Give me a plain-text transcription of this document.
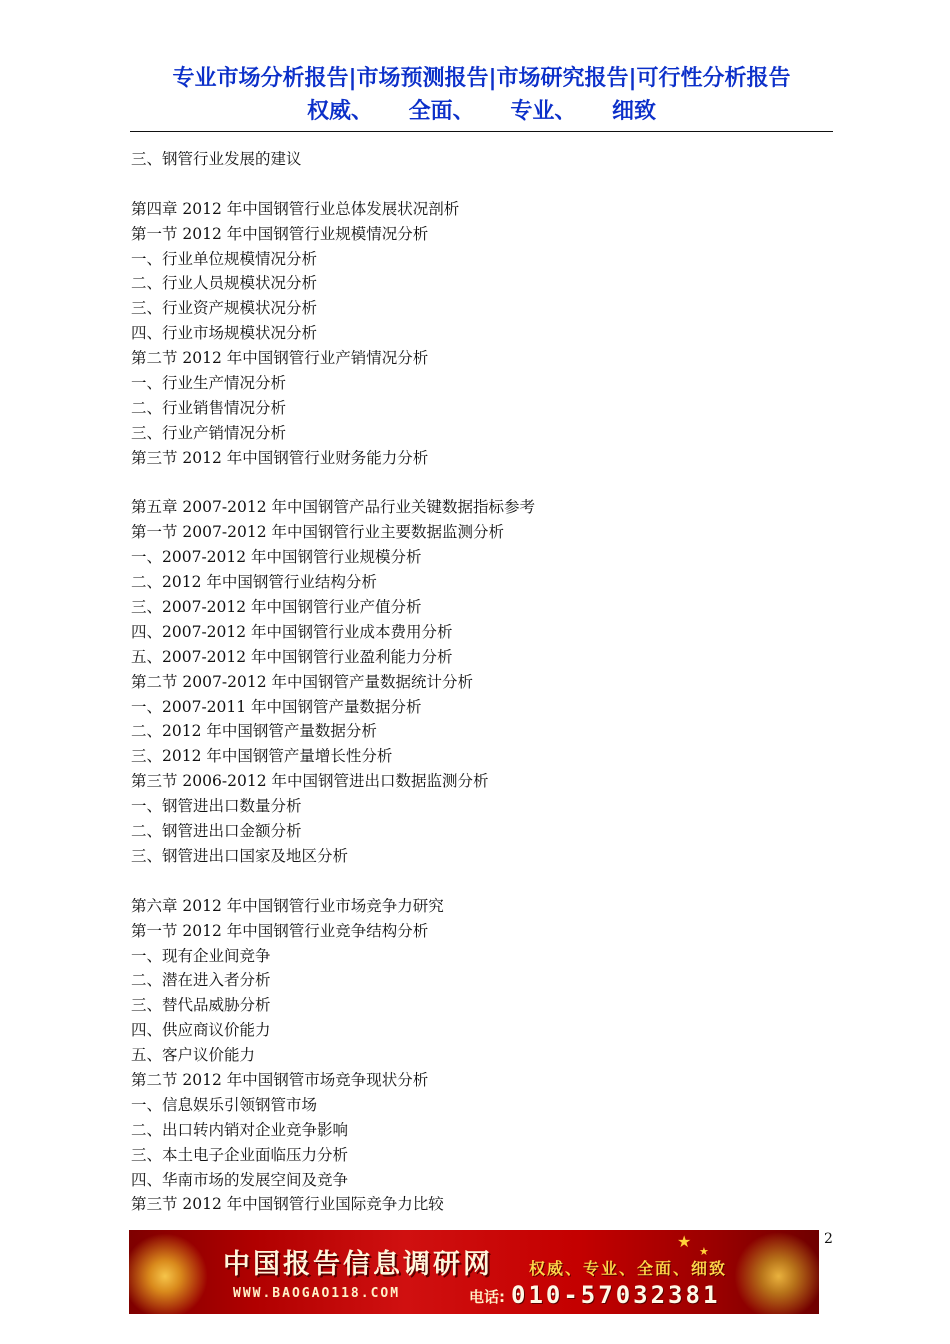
专业市场分析报告|市场预测报告|市场研究报告|可行性分析报告
权威、 全面、 专业、 细致
三、钢管行业发展的建议
第四章 2012 年中国钢管行业总体发展状况剖析
第一节 2012 年中国钢管行业规模情况分析
一、行业单位规模情况分析
二、行业人员规模状况分析
三、行业资产规模状况分析
四、行业市场规模状况分析
第二节 2012 年中国钢管行业产销情况分析
一、行业生产情况分析
二、行业销售情况分析
三、行业产销情况分析
第三节 2012 年中国钢管行业财务能力分析
第五章 2007-2012 年中国钢管产品行业关键数据指标参考
第一节 2007-2012 年中国钢管行业主要数据监测分析
一、2007-2012 年中国钢管行业规模分析
二、2012 年中国钢管行业结构分析
三、2007-2012 年中国钢管行业产值分析
四、2007-2012 年中国钢管行业成本费用分析
五、2007-2012 年中国钢管行业盈利能力分析
第二节 2007-2012 年中国钢管产量数据统计分析
一、2007-2011 年中国钢管产量数据分析
二、2012 年中国钢管产量数据分析
三、2012 年中国钢管产量增长性分析
第三节 2006-2012 年中国钢管进出口数据监测分析
一、钢管进出口数量分析
二、钢管进出口金额分析
三、钢管进出口国家及地区分析
第六章 2012 年中国钢管行业市场竞争力研究
第一节 2012 年中国钢管行业竞争结构分析
一、现有企业间竞争
二、潜在进入者分析
三、替代品威胁分析
四、供应商议价能力
五、客户议价能力
第二节 2012 年中国钢管市场竞争现状分析
一、信息娱乐引领钢管市场
二、出口转内销对企业竞争影响
三、本土电子企业面临压力分析
四、华南市场的发展空间及竞争
第三节 2012 年中国钢管行业国际竞争力比较
2
★
★
中国报告信息调研网
WWW.BAOGAO118.COM
权威、专业、全面、细致
电话: 010-57032381
